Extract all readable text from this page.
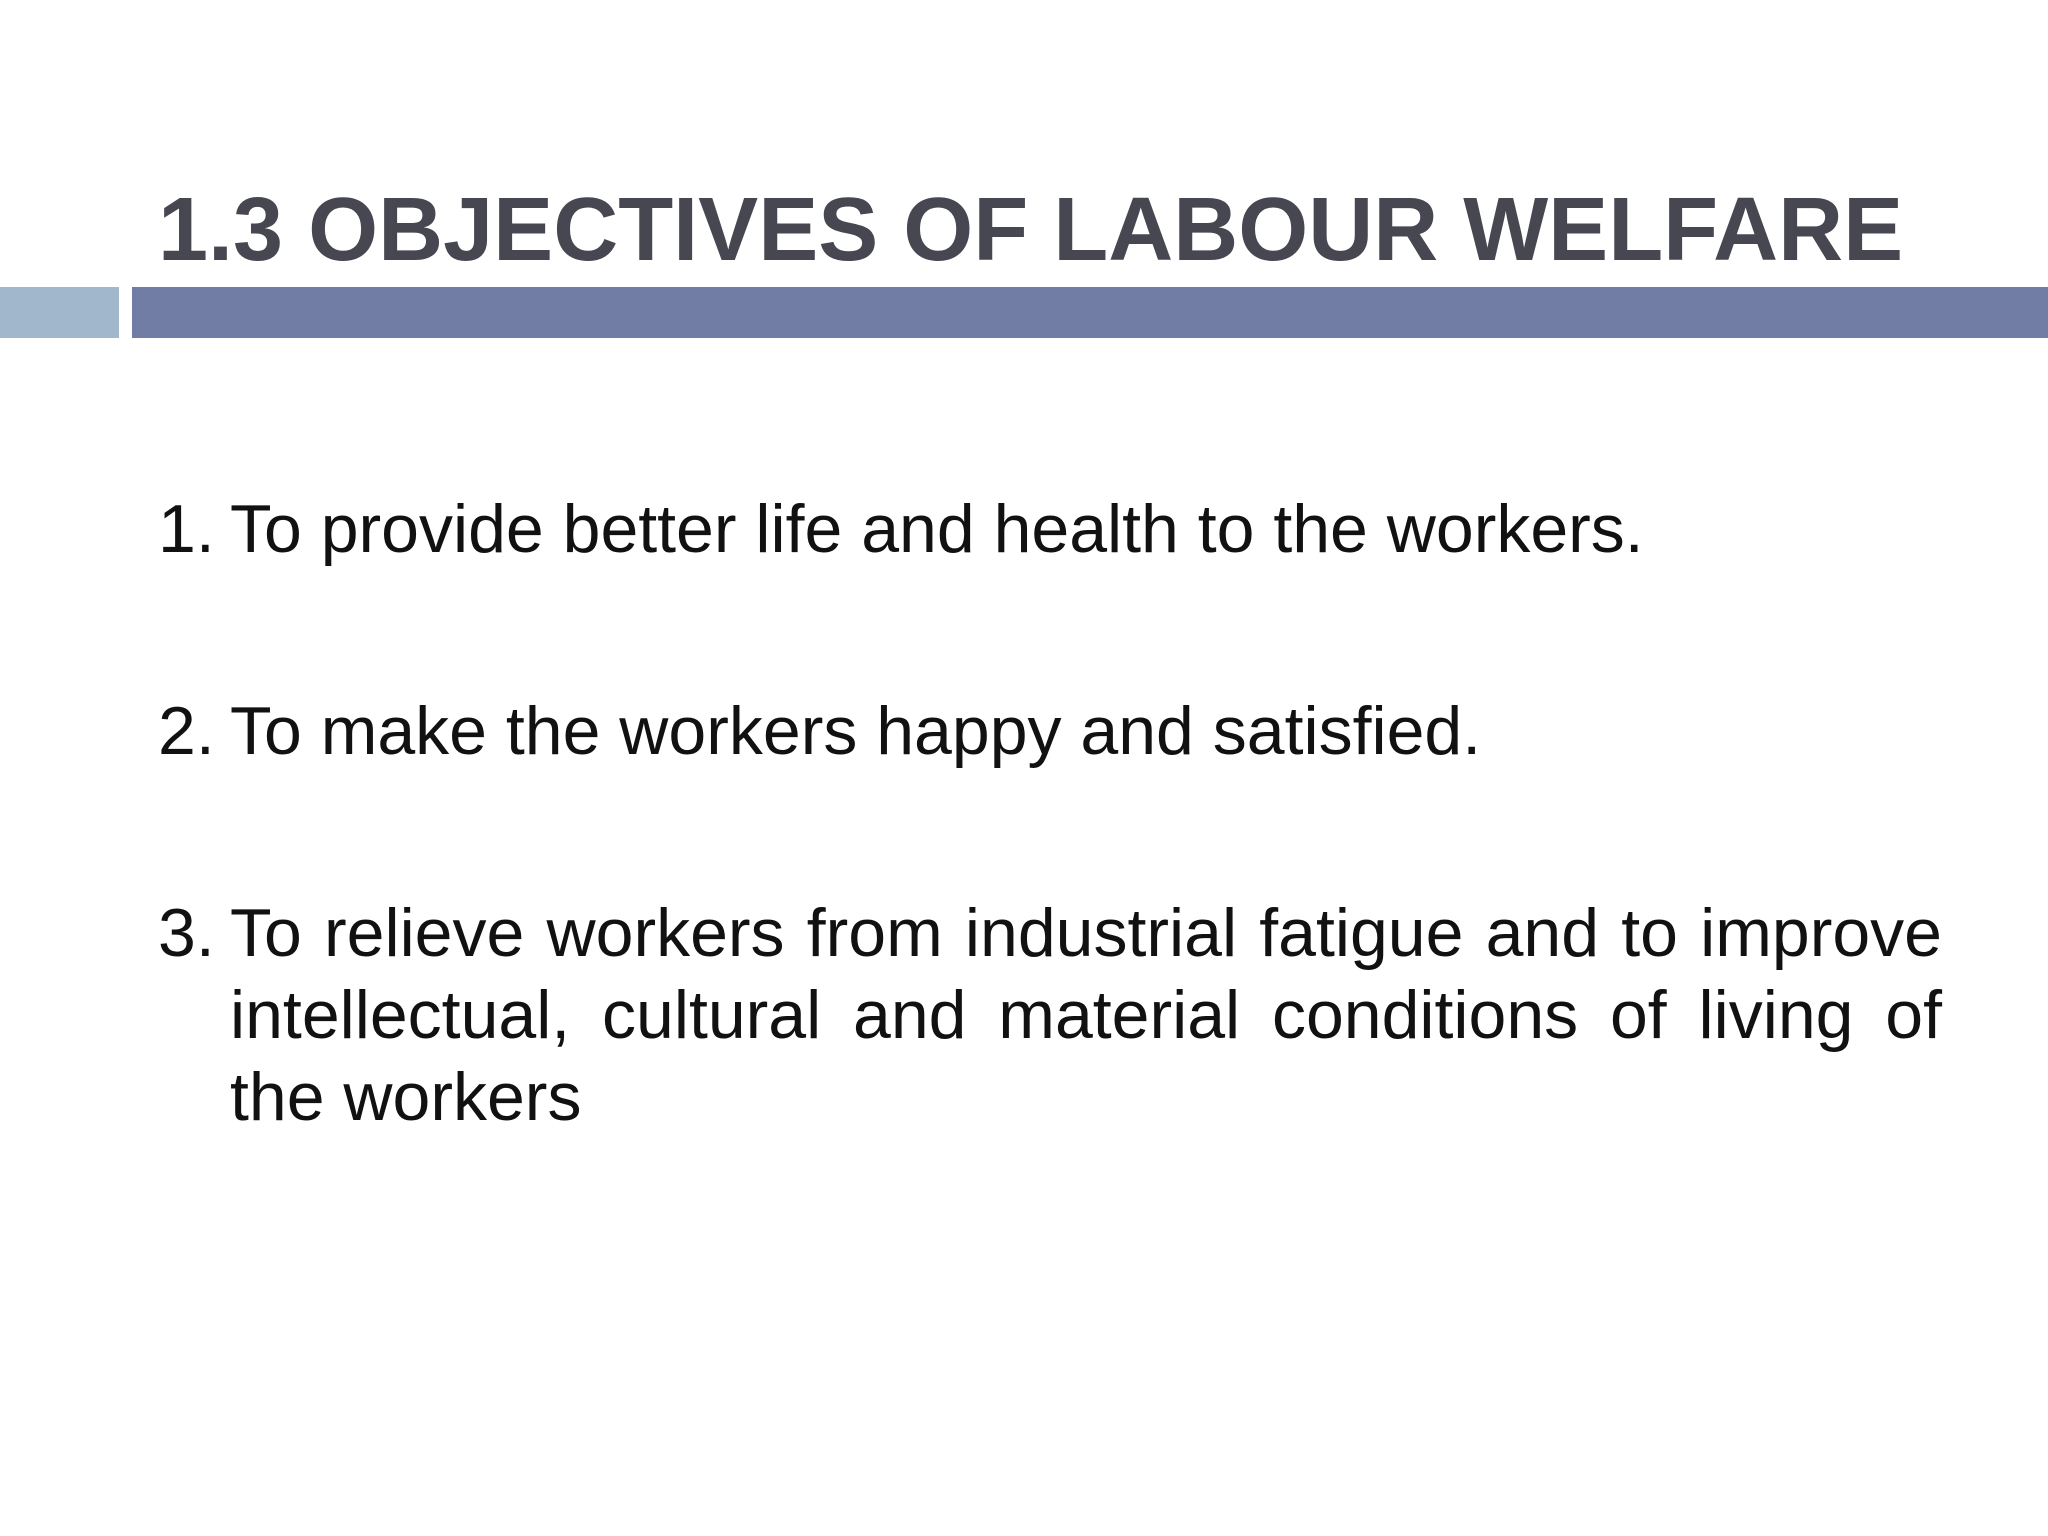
1.3 OBJECTIVES OF LABOUR WELFARE
1. To provide better life and health to the workers.
2. To make the workers happy and satisfied.
3. To relieve workers from industrial fatigue and to improve intellectual, cultural and material conditions of living of the workers
